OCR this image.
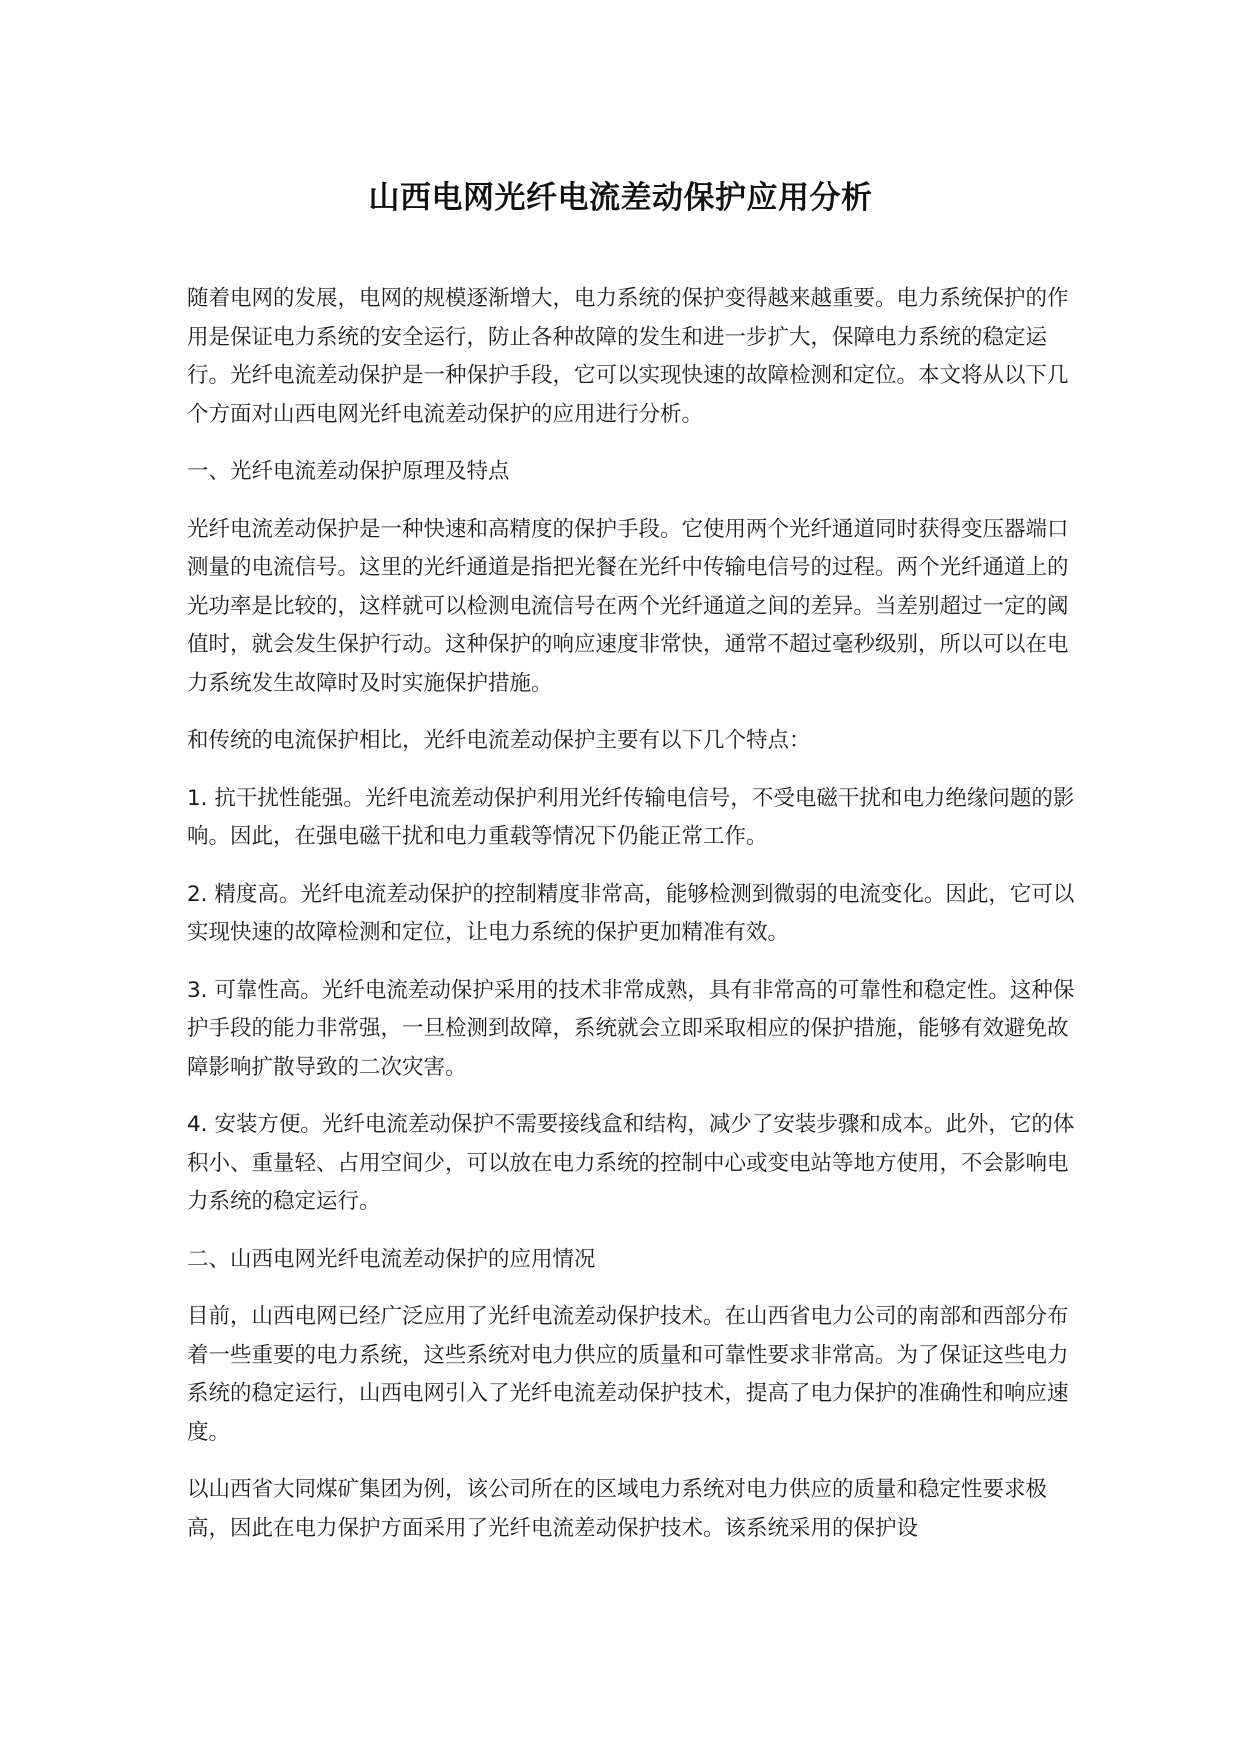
山西电网光纤电流差动保护应用分析

随着电网的发展，电网的规模逐渐增大，电力系统的保护变得越来越重要。电力系统保护的作用是保证电力系统的安全运行，防止各种故障的发生和进一步扩大，保障电力系统的稳定运行。光纤电流差动保护是一种保护手段，它可以实现快速的故障检测和定位。本文将从以下几个方面对山西电网光纤电流差动保护的应用进行分析。

一、光纤电流差动保护原理及特点

光纤电流差动保护是一种快速和高精度的保护手段。它使用两个光纤通道同时获得变压器端口测量的电流信号。这里的光纤通道是指把光餐在光纤中传输电信号的过程。两个光纤通道上的光功率是比较的，这样就可以检测电流信号在两个光纤通道之间的差异。当差别超过一定的阈值时，就会发生保护行动。这种保护的响应速度非常快，通常不超过毫秒级别，所以可以在电力系统发生故障时及时实施保护措施。

和传统的电流保护相比，光纤电流差动保护主要有以下几个特点：

1. 抗干扰性能强。光纤电流差动保护利用光纤传输电信号，不受电磁干扰和电力绝缘问题的影响。因此，在强电磁干扰和电力重载等情况下仍能正常工作。

2. 精度高。光纤电流差动保护的控制精度非常高，能够检测到微弱的电流变化。因此，它可以实现快速的故障检测和定位，让电力系统的保护更加精准有效。

3. 可靠性高。光纤电流差动保护采用的技术非常成熟，具有非常高的可靠性和稳定性。这种保护手段的能力非常强，一旦检测到故障，系统就会立即采取相应的保护措施，能够有效避免故障影响扩散导致的二次灾害。

4. 安装方便。光纤电流差动保护不需要接线盒和结构，减少了安装步骤和成本。此外，它的体积小、重量轻、占用空间少，可以放在电力系统的控制中心或变电站等地方使用，不会影响电力系统的稳定运行。

二、山西电网光纤电流差动保护的应用情况

目前，山西电网已经广泛应用了光纤电流差动保护技术。在山西省电力公司的南部和西部分布着一些重要的电力系统，这些系统对电力供应的质量和可靠性要求非常高。为了保证这些电力系统的稳定运行，山西电网引入了光纤电流差动保护技术，提高了电力保护的准确性和响应速度。

以山西省大同煤矿集团为例，该公司所在的区域电力系统对电力供应的质量和稳定性要求极高，因此在电力保护方面采用了光纤电流差动保护技术。该系统采用的保护设
